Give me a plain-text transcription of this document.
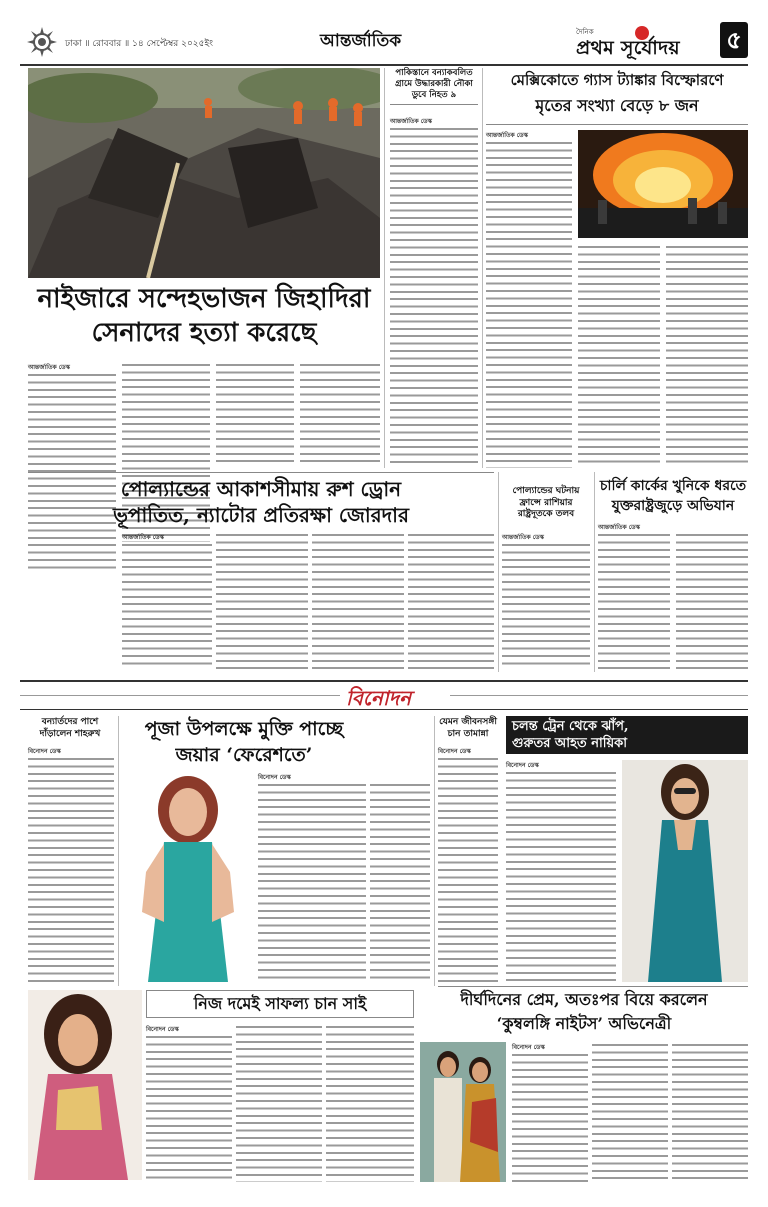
ঢাকা ॥ রোববার ॥ ১৪ সেপ্টেম্বর ২০২৫ইং	আন্তর্জাতিক	দৈনিক
প্রথম সূর্যোদয় ৫
নাইজারে সন্দেহভাজন জিহাদিরা
সেনাদের হত্যা করেছে
আন্তর্জাতিক ডেস্ক
পাকিস্তানে বন্যাকবলিত গ্রামে উদ্ধারকারী নৌকা ডুবে নিহত ৯
আন্তর্জাতিক ডেস্ক
মেক্সিকোতে গ্যাস ট্যাঙ্কার বিস্ফোরণে
মৃতের সংখ্যা বেড়ে ৮ জন
আন্তর্জাতিক ডেস্ক
পোল্যান্ডের আকাশসীমায় রুশ ড্রোন
ভূপাতিত, ন্যাটোর প্রতিরক্ষা জোরদার
আন্তর্জাতিক ডেস্ক
পোল্যান্ডের ঘটনায় ফ্রান্সে রাশিয়ার রাষ্ট্রদূতকে তলব
আন্তর্জাতিক ডেস্ক
চার্লি কার্কের খুনিকে ধরতে
যুক্তরাষ্ট্রজুড়ে অভিযান
আন্তর্জাতিক ডেস্ক
বিনোদন
বন্যার্তদের পাশে
দাঁড়ালেন শাহরুখ
বিনোদন ডেস্ক
পূজা উপলক্ষে মুক্তি পাচ্ছে
জয়ার ‘ফেরেশতে’
বিনোদন ডেস্ক
যেমন জীবনসঙ্গী
চান তামান্না
বিনোদন ডেস্ক
চলন্ত ট্রেন থেকে ঝাঁপ,
গুরুতর আহত নায়িকা
বিনোদন ডেস্ক
দীর্ঘদিনের প্রেম, অতঃপর বিয়ে করলেন
‘কুম্বলঙ্গি নাইটস’ অভিনেত্রী
বিনোদন ডেস্ক
নিজ দমেই সাফল্য চান সাই
বিনোদন ডেস্ক
